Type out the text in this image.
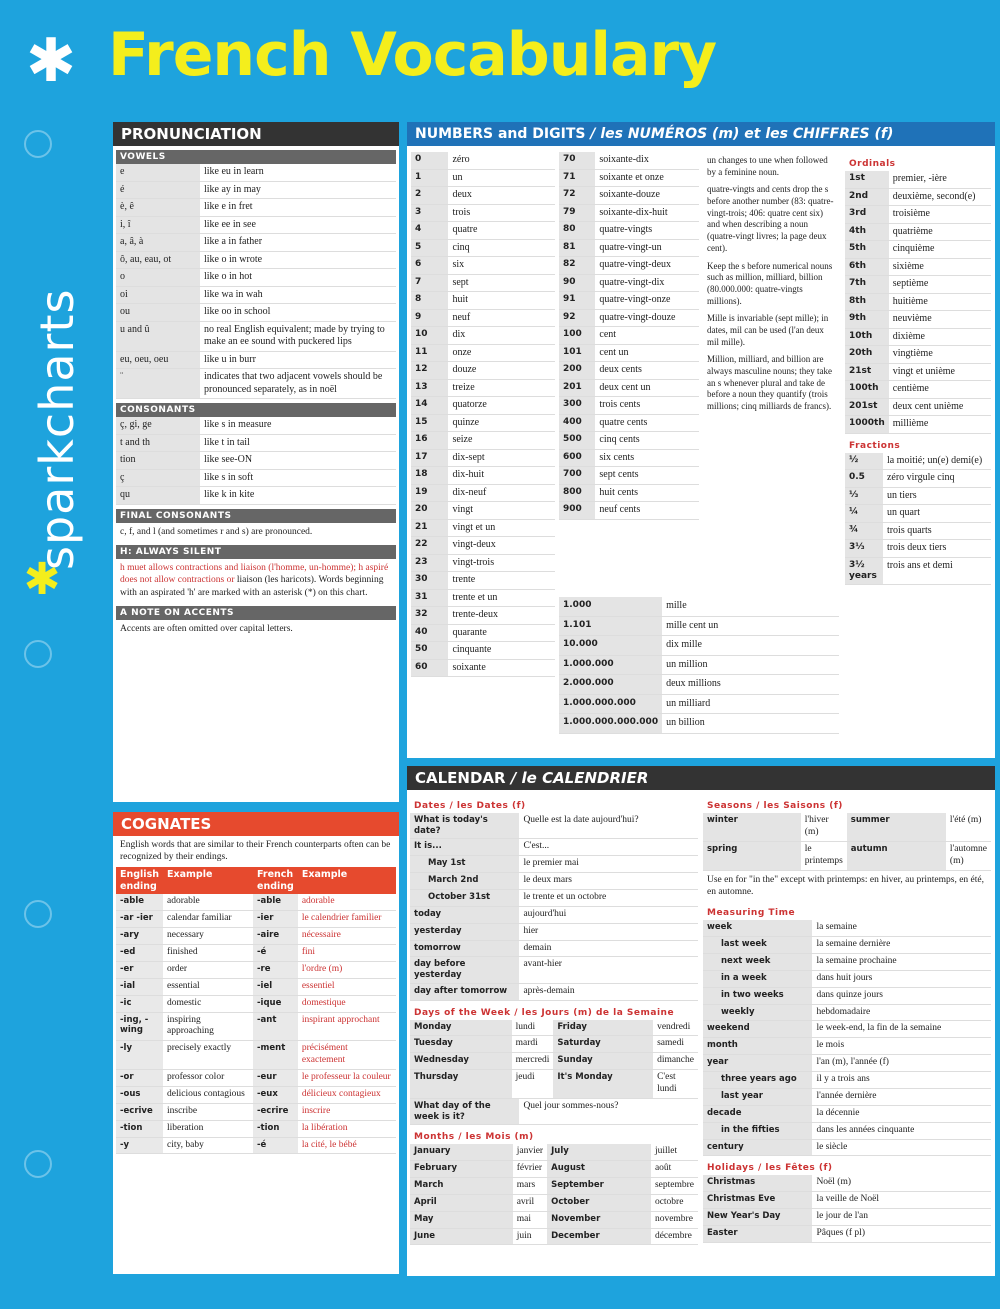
✱
sparkcharts
✱
French Vocabulary
PRONUNCIATION
VOWELS
e	like eu in learn
é	like ay in may
è, ê	like e in fret
i, î	like ee in see
a, â, à	like a in father
ô, au, eau, ot	like o in wrote
o	like o in hot
oi	like wa in wah
ou	like oo in school
u and û	no real English equivalent; made by trying to make an ee sound with puckered lips
eu, oeu, oeu	like u in burr
¨	indicates that two adjacent vowels should be pronounced separately, as in noël
CONSONANTS
ç, gi, ge	like s in measure
t and th	like t in tail
tion	like see-ON
ç	like s in soft
qu	like k in kite
FINAL CONSONANTS
c, f, and l (and sometimes r and s) are pronounced.
H: ALWAYS SILENT
h muet allows contractions and liaison (l'homme, un-homme); h aspiré does not allow contractions or liaison (les haricots). Words beginning with an aspirated 'h' are marked with an asterisk (*) on this chart.
A NOTE ON ACCENTS
Accents are often omitted over capital letters.
COGNATES
English words that are similar to their French counterparts often can be recognized by their endings.
English ending	Example	French ending	Example
-able	adorable	-able	adorable
-ar -ier	calendar familiar	-ier	le calendrier familier
-ary	necessary	-aire	nécessaire
-ed	finished	-é	fini
-er	order	-re	l'ordre (m)
-ial	essential	-iel	essentiel
-ic	domestic	-ique	domestique
-ing, -wing	inspiring approaching	-ant	inspirant approchant
-ly	precisely exactly	-ment	précisément exactement
-or	professor color	-eur	le professeur la couleur
-ous	delicious contagious	-eux	délicieux contagieux
-ecrive	inscribe	-ecrire	inscrire
-tion	liberation	-tion	la libération
-y	city, baby	-é	la cité, le bébé
NUMBERS and DIGITS / les NUMÉROS (m) et les CHIFFRES (f)
0	zéro
1	un
2	deux
3	trois
4	quatre
5	cinq
6	six
7	sept
8	huit
9	neuf
10	dix
11	onze
12	douze
13	treize
14	quatorze
15	quinze
16	seize
17	dix-sept
18	dix-huit
19	dix-neuf
20	vingt
21	vingt et un
22	vingt-deux
23	vingt-trois
30	trente
31	trente et un
32	trente-deux
40	quarante
50	cinquante
60	soixante
70	soixante-dix
71	soixante et onze
72	soixante-douze
79	soixante-dix-huit
80	quatre-vingts
81	quatre-vingt-un
82	quatre-vingt-deux
90	quatre-vingt-dix
91	quatre-vingt-onze
92	quatre-vingt-douze
100	cent
101	cent un
200	deux cents
201	deux cent un
300	trois cents
400	quatre cents
500	cinq cents
600	six cents
700	sept cents
800	huit cents
900	neuf cents
1.000	mille
1.101	mille cent un
10.000	dix mille
1.000.000	un million
2.000.000	deux millions
1.000.000.000	un milliard
1.000.000.000.000	un billion
un changes to une when followed by a feminine noun.
quatre-vingts and cents drop the s before another number (83: quatre-vingt-trois; 406: quatre cent six) and when describing a noun (quatre-vingt livres; la page deux cent).
Keep the s before numerical nouns such as million, milliard, billion (80.000.000: quatre-vingts millions).
Mille is invariable (sept mille); in dates, mil can be used (l'an deux mil mille).
Million, milliard, and billion are always masculine nouns; they take an s whenever plural and take de before a noun they quantify (trois millions; cinq milliards de francs).
Ordinals
1st	premier, -ière
2nd	deuxième, second(e)
3rd	troisième
4th	quatrième
5th	cinquième
6th	sixième
7th	septième
8th	huitième
9th	neuvième
10th	dixième
20th	vingtième
21st	vingt et unième
100th	centième
201st	deux cent unième
1000th	millième
Fractions
½	la moitié; un(e) demi(e)
0.5	zéro virgule cinq
⅓	un tiers
¼	un quart
¾	trois quarts
3⅓	trois deux tiers
3½ years	trois ans et demi
CALENDAR / le CALENDRIER
Dates / les Dates (f)
What is today's date?	Quelle est la date aujourd'hui?
It is...	C'est...
May 1st	le premier mai
March 2nd	le deux mars
October 31st	le trente et un octobre
today	aujourd'hui
yesterday	hier
tomorrow	demain
day before yesterday	avant-hier
day after tomorrow	après-demain
Days of the Week / les Jours (m) de la Semaine
Monday	lundi	Friday	vendredi
Tuesday	mardi	Saturday	samedi
Wednesday	mercredi	Sunday	dimanche
Thursday	jeudi	It's Monday	C'est lundi
What day of the week is it?	Quel jour sommes-nous?
Months / les Mois (m)
January	janvier	July	juillet
February	février	August	août
March	mars	September	septembre
April	avril	October	octobre
May	mai	November	novembre
June	juin	December	décembre
Seasons / les Saisons (f)
winter	l'hiver (m)	summer	l'été (m)
spring	le printemps	autumn	l'automne (m)
Use en for "in the" except with printemps: en hiver, au printemps, en été, en automne.
Measuring Time
week	la semaine
last week	la semaine dernière
next week	la semaine prochaine
in a week	dans huit jours
in two weeks	dans quinze jours
weekly	hebdomadaire
weekend	le week-end, la fin de la semaine
month	le mois
year	l'an (m), l'année (f)
three years ago	il y a trois ans
last year	l'année dernière
decade	la décennie
in the fifties	dans les années cinquante
century	le siècle
Holidays / les Fêtes (f)
Christmas	Noël (m)
Christmas Eve	la veille de Noël
New Year's Day	le jour de l'an
Easter	Pâques (f pl)
